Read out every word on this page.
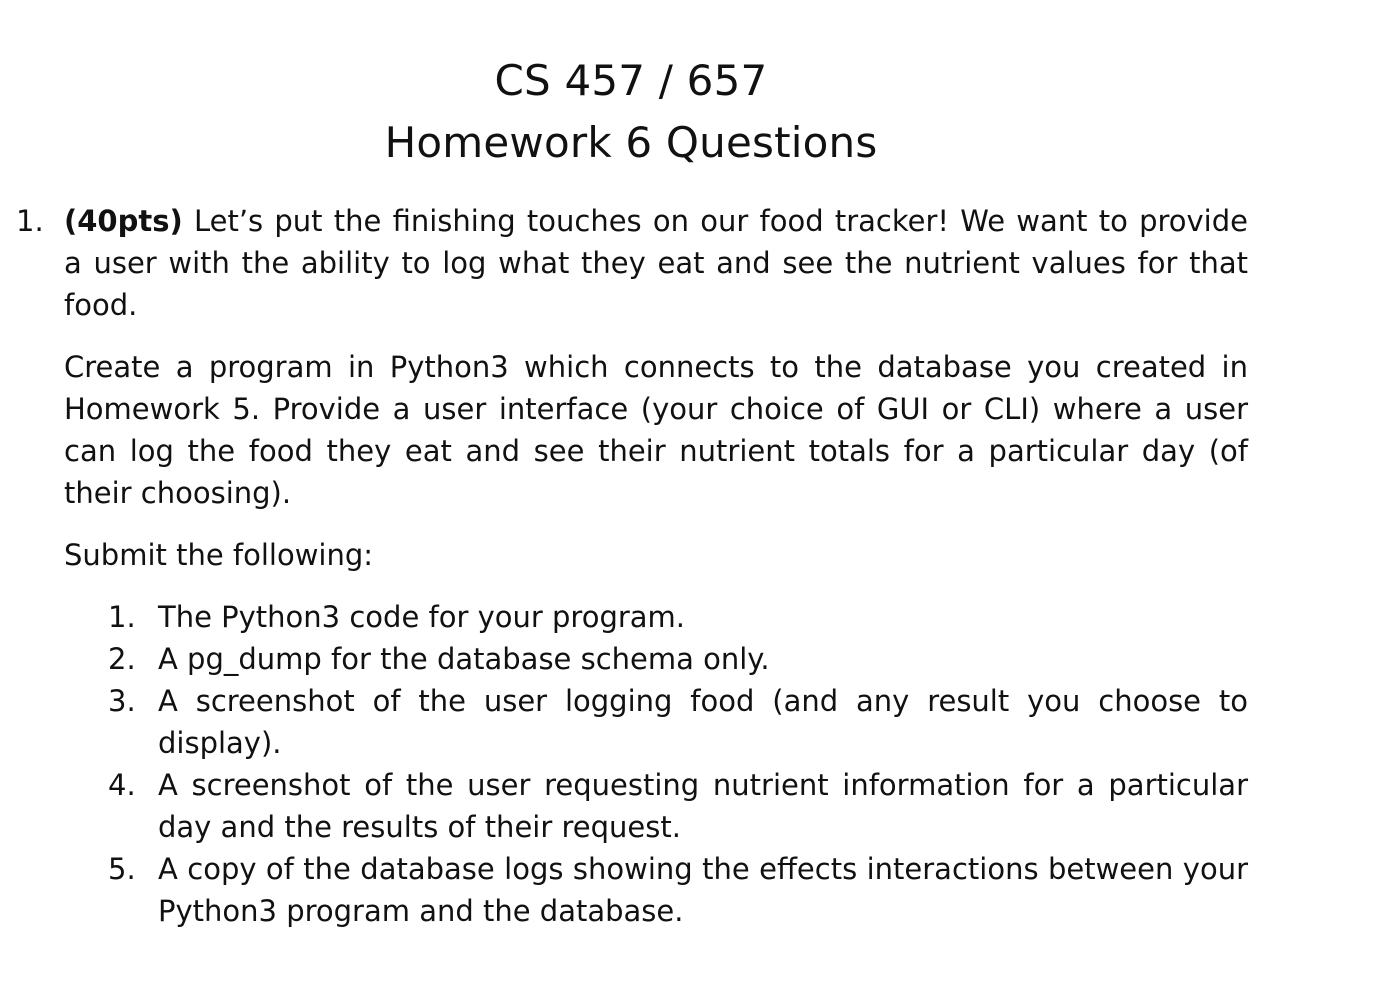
CS 457 / 657

Homework 6 Questions

1. (40pts) Let’s put the finishing touches on our food tracker! We want to provide a user with the ability to log what they eat and see the nutrient values for that food.

Create a program in Python3 which connects to the database you created in Homework 5. Provide a user interface (your choice of GUI or CLI) where a user can log the food they eat and see their nutrient totals for a particular day (of their choosing).

Submit the following:

1. The Python3 code for your program.
2. A pg_dump for the database schema only.
3. A screenshot of the user logging food (and any result you choose to display).
4. A screenshot of the user requesting nutrient information for a particular day and the results of their request.
5. A copy of the database logs showing the effects interactions between your Python3 program and the database.
